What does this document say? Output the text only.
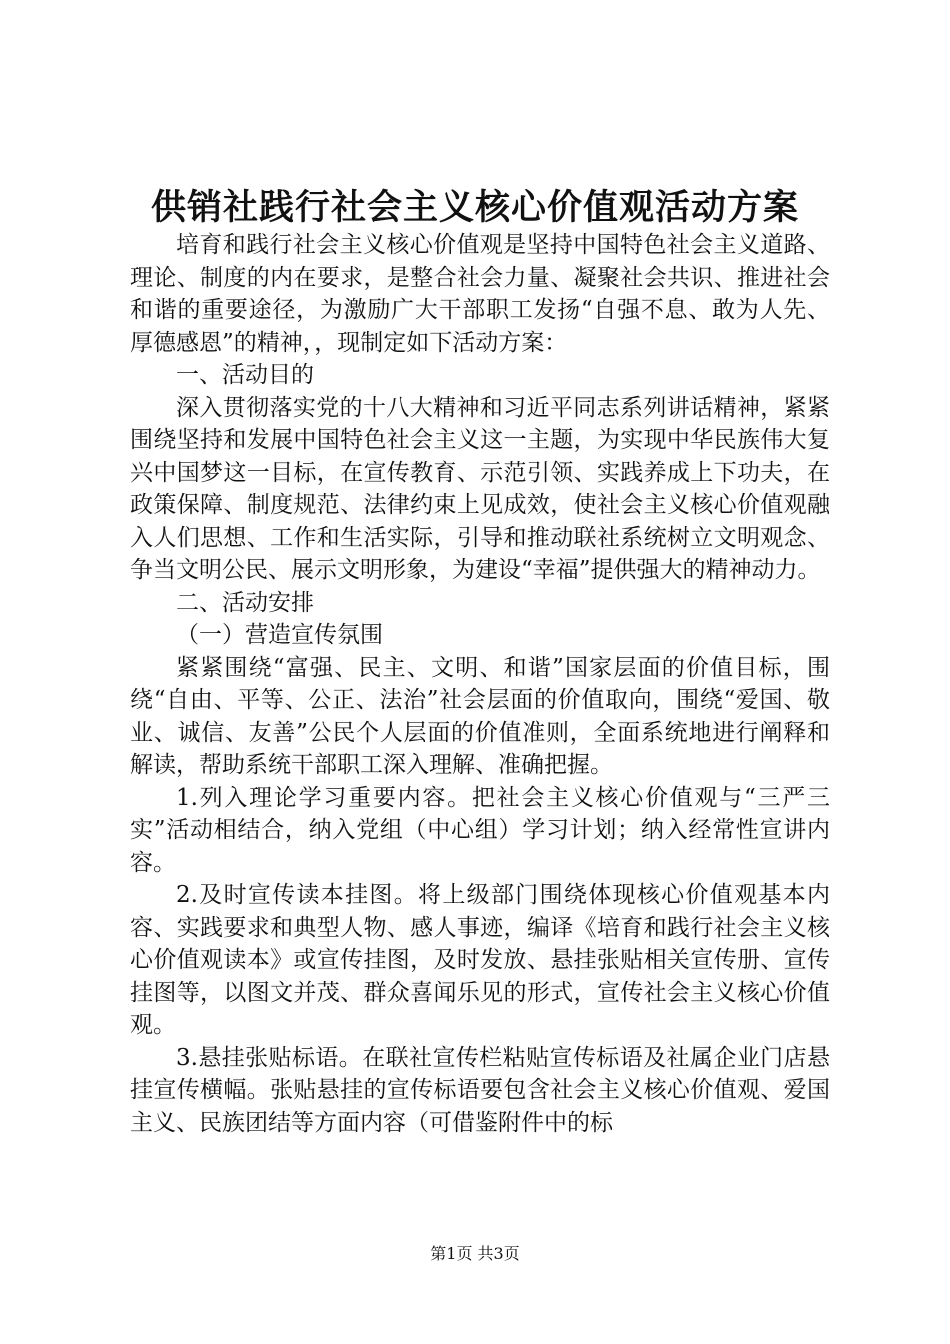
供销社践行社会主义核心价值观活动方案

培育和践行社会主义核心价值观是坚持中国特色社会主义道路、理论、制度的内在要求，是整合社会力量、凝聚社会共识、推进社会和谐的重要途径，为激励广大干部职工发扬“自强不息、敢为人先、厚德感恩”的精神，，现制定如下活动方案：

一、活动目的

深入贯彻落实党的十八大精神和习近平同志系列讲话精神，紧紧围绕坚持和发展中国特色社会主义这一主题，为实现中华民族伟大复兴中国梦这一目标，在宣传教育、示范引领、实践养成上下功夫，在政策保障、制度规范、法律约束上见成效，使社会主义核心价值观融入人们思想、工作和生活实际，引导和推动联社系统树立文明观念、争当文明公民、展示文明形象，为建设“幸福”提供强大的精神动力。

二、活动安排

（一）营造宣传氛围

紧紧围绕“富强、民主、文明、和谐”国家层面的价值目标，围绕“自由、平等、公正、法治”社会层面的价值取向，围绕“爱国、敬业、诚信、友善”公民个人层面的价值准则，全面系统地进行阐释和解读，帮助系统干部职工深入理解、准确把握。

1.列入理论学习重要内容。把社会主义核心价值观与“三严三实”活动相结合，纳入党组（中心组）学习计划；纳入经常性宣讲内容。

2.及时宣传读本挂图。将上级部门围绕体现核心价值观基本内容、实践要求和典型人物、感人事迹，编译《培育和践行社会主义核心价值观读本》或宣传挂图，及时发放、悬挂张贴相关宣传册、宣传挂图等，以图文并茂、群众喜闻乐见的形式，宣传社会主义核心价值观。

3.悬挂张贴标语。在联社宣传栏粘贴宣传标语及社属企业门店悬挂宣传横幅。张贴悬挂的宣传标语要包含社会主义核心价值观、爱国主义、民族团结等方面内容（可借鉴附件中的标

第1页 共3页
